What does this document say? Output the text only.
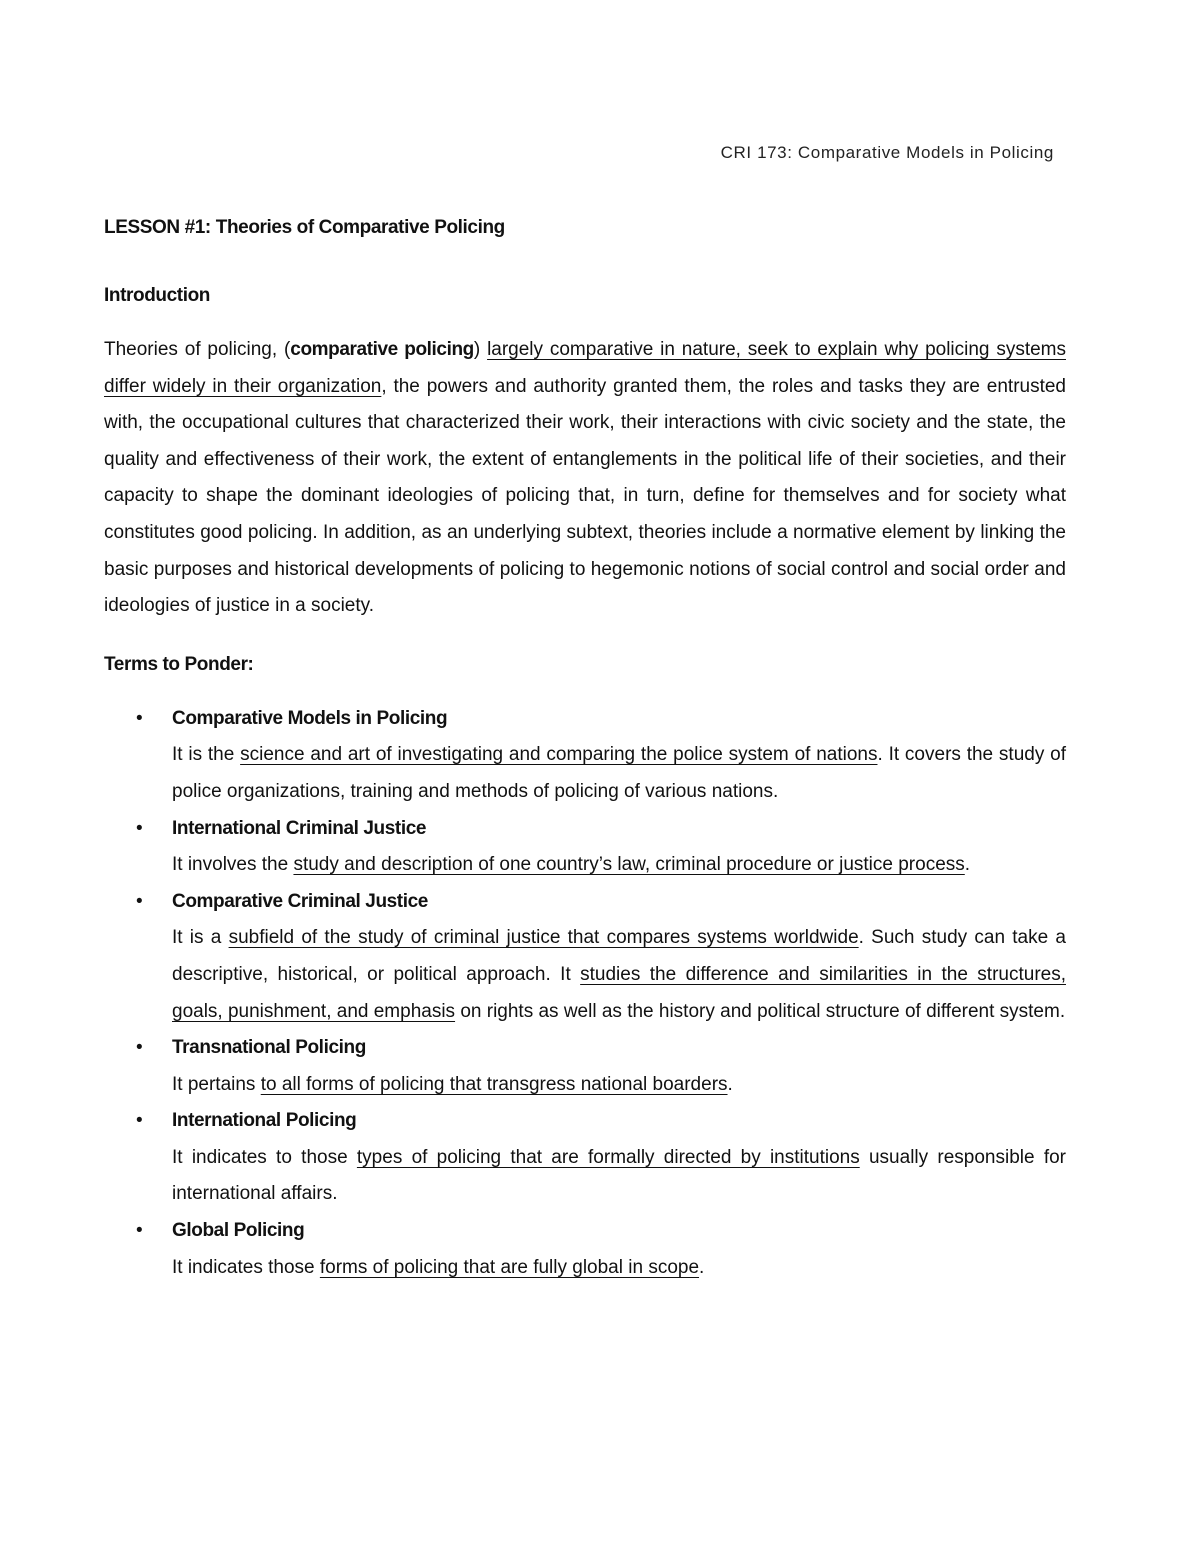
CRI 173: Comparative Models in Policing
LESSON #1: Theories of Comparative Policing
Introduction

Theories of policing, (comparative policing) largely comparative in nature, seek to explain why policing systems differ widely in their organization, the powers and authority granted them, the roles and tasks they are entrusted with, the occupational cultures that characterized their work, their interactions with civic society and the state, the quality and effectiveness of their work, the extent of entanglements in the political life of their societies, and their capacity to shape the dominant ideologies of policing that, in turn, define for themselves and for society what constitutes good policing. In addition, as an underlying subtext, theories include a normative element by linking the basic purposes and historical developments of policing to hegemonic notions of social control and social order and ideologies of justice in a society.

Terms to Ponder:
• Comparative Models in Policing
It is the science and art of investigating and comparing the police system of nations. It covers the study of police organizations, training and methods of policing of various nations.
• International Criminal Justice
It involves the study and description of one country’s law, criminal procedure or justice process.
• Comparative Criminal Justice
It is a subfield of the study of criminal justice that compares systems worldwide. Such study can take a descriptive, historical, or political approach. It studies the difference and similarities in the structures, goals, punishment, and emphasis on rights as well as the history and political structure of different system.
• Transnational Policing
It pertains to all forms of policing that transgress national boarders.
• International Policing
It indicates to those types of policing that are formally directed by institutions usually responsible for international affairs.
• Global Policing
It indicates those forms of policing that are fully global in scope.
